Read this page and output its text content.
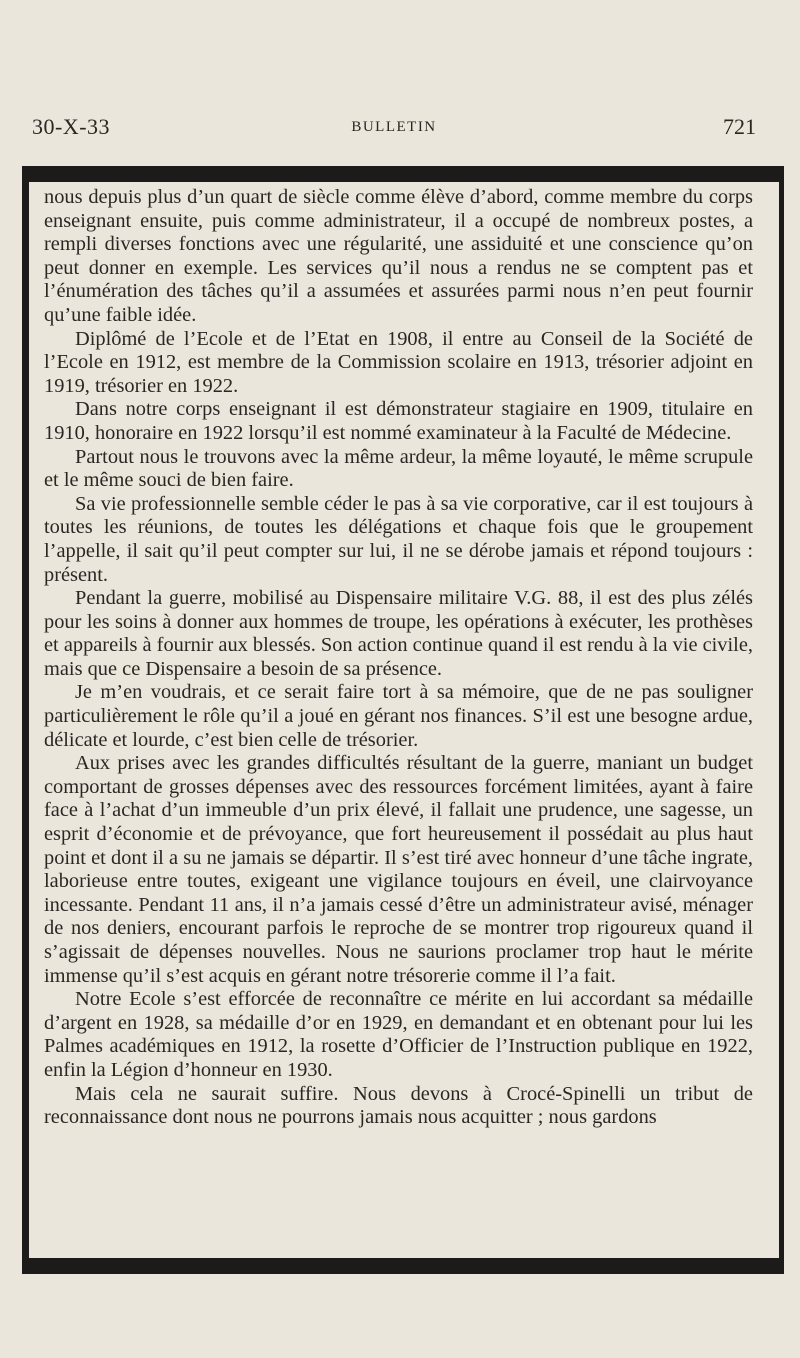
30-X-33	BULLETIN	721

nous depuis plus d’un quart de siècle comme élève d’abord, comme membre du corps enseignant ensuite, puis comme administrateur, il a occupé de nombreux postes, a rempli diverses fonctions avec une régularité, une assiduité et une conscience qu’on peut donner en exemple. Les services qu’il nous a rendus ne se comptent pas et l’énumération des tâches qu’il a assumées et assurées parmi nous n’en peut fournir qu’une faible idée.

Diplômé de l’Ecole et de l’Etat en 1908, il entre au Conseil de la Société de l’Ecole en 1912, est membre de la Commission scolaire en 1913, trésorier adjoint en 1919, trésorier en 1922.

Dans notre corps enseignant il est démonstrateur stagiaire en 1909, titulaire en 1910, honoraire en 1922 lorsqu’il est nommé examinateur à la Faculté de Médecine.

Partout nous le trouvons avec la même ardeur, la même loyauté, le même scrupule et le même souci de bien faire.

Sa vie professionnelle semble céder le pas à sa vie corporative, car il est toujours à toutes les réunions, de toutes les délégations et chaque fois que le groupement l’appelle, il sait qu’il peut compter sur lui, il ne se dérobe jamais et répond toujours : présent.

Pendant la guerre, mobilisé au Dispensaire militaire V.G. 88, il est des plus zélés pour les soins à donner aux hommes de troupe, les opérations à exécuter, les prothèses et appareils à fournir aux blessés. Son action continue quand il est rendu à la vie civile, mais que ce Dispensaire a besoin de sa présence.

Je m’en voudrais, et ce serait faire tort à sa mémoire, que de ne pas souligner particulièrement le rôle qu’il a joué en gérant nos finances. S’il est une besogne ardue, délicate et lourde, c’est bien celle de trésorier.

Aux prises avec les grandes difficultés résultant de la guerre, maniant un budget comportant de grosses dépenses avec des ressources forcément limitées, ayant à faire face à l’achat d’un immeuble d’un prix élevé, il fallait une prudence, une sagesse, un esprit d’économie et de prévoyance, que fort heureusement il possédait au plus haut point et dont il a su ne jamais se départir. Il s’est tiré avec honneur d’une tâche ingrate, laborieuse entre toutes, exigeant une vigilance toujours en éveil, une clairvoyance incessante. Pendant 11 ans, il n’a jamais cessé d’être un administrateur avisé, ménager de nos deniers, encourant parfois le reproche de se montrer trop rigoureux quand il s’agissait de dépenses nouvelles. Nous ne saurions proclamer trop haut le mérite immense qu’il s’est acquis en gérant notre trésorerie comme il l’a fait.

Notre Ecole s’est efforcée de reconnaître ce mérite en lui accordant sa médaille d’argent en 1928, sa médaille d’or en 1929, en demandant et en obtenant pour lui les Palmes académiques en 1912, la rosette d’Officier de l’Instruction publique en 1922, enfin la Légion d’honneur en 1930.

Mais cela ne saurait suffire. Nous devons à Crocé-Spinelli un tribut de reconnaissance dont nous ne pourrons jamais nous acquitter ; nous gardons
